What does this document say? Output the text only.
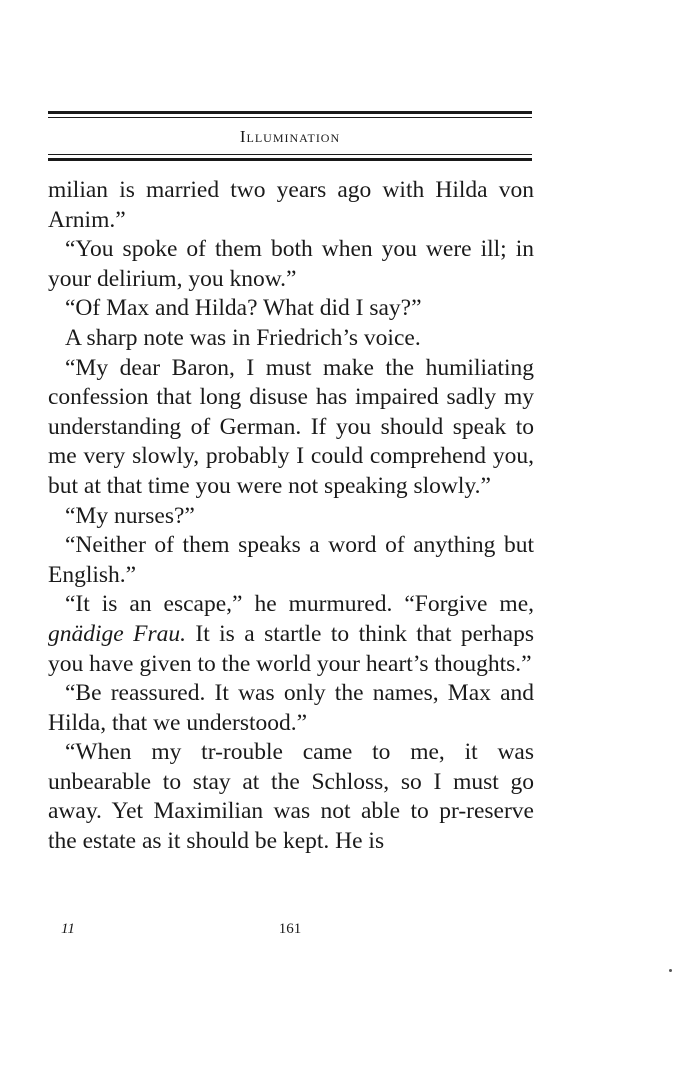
Illumination

milian is married two years ago with Hilda von Arnim.”

“You spoke of them both when you were ill; in your delirium, you know.”

“Of Max and Hilda? What did I say?”

A sharp note was in Friedrich’s voice.

“My dear Baron, I must make the humiliating confession that long disuse has impaired sadly my understanding of German. If you should speak to me very slowly, probably I could comprehend you, but at that time you were not speaking slowly.”

“My nurses?”

“Neither of them speaks a word of anything but English.”

“It is an escape,” he murmured. “Forgive me, gnädige Frau. It is a startle to think that perhaps you have given to the world your heart’s thoughts.”

“Be reassured. It was only the names, Max and Hilda, that we understood.”

“When my tr-rouble came to me, it was unbearable to stay at the Schloss, so I must go away. Yet Maximilian was not able to pr-reserve the estate as it should be kept. He is

11	161
